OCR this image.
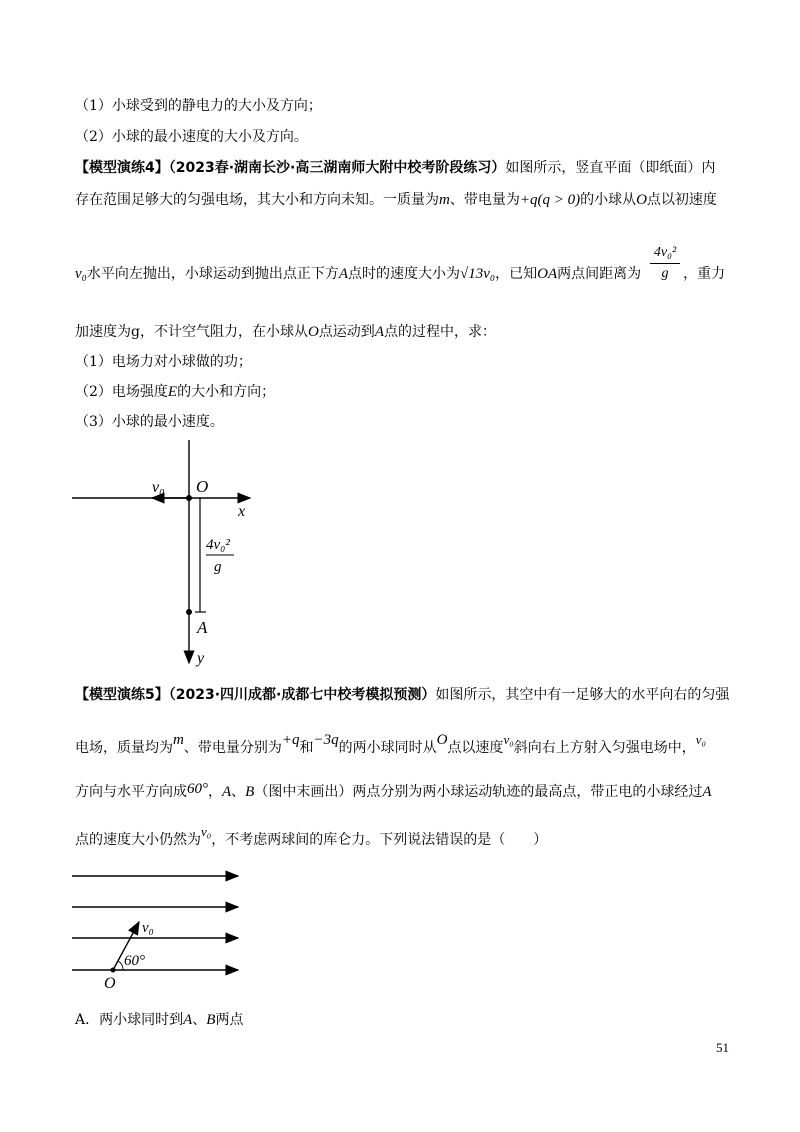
（1）小球受到的静电力的大小及方向；
（2）小球的最小速度的大小及方向。
【模型演练4】（2023春·湖南长沙·高三湖南师大附中校考阶段练习）如图所示，竖直平面（即纸面）内
存在范围足够大的匀强电场，其大小和方向未知。一质量为m、带电量为+q(q > 0)的小球从O点以初速度
v₀水平向左抛出，小球运动到抛出点正下方A点时的速度大小为√13v₀，已知OA两点间距离为	，重力
4v₀²
g
加速度为g，不计空气阻力，在小球从O点运动到A点的过程中，求：
（1）电场力对小球做的功；
（2）电场强度E的大小和方向；
（3）小球的最小速度。
v₀ O
x
4v₀²
g
A
y
【模型演练5】（2023·四川成都·成都七中校考模拟预测）如图所示，其空中有一足够大的水平向右的匀强
电场，质量均为m、带电量分别为+q和−3q的两小球同时从O点以速度v₀斜向右上方射入匀强电场中，v₀
方向与水平方向成60°，A、B（图中末画出）两点分别为两小球运动轨迹的最高点，带正电的小球经过A
点的速度大小仍然为v₀，不考虑两球间的库仑力。下列说法错误的是（　　）
v₀
60°
O
A．两小球同时到A、B两点
51
